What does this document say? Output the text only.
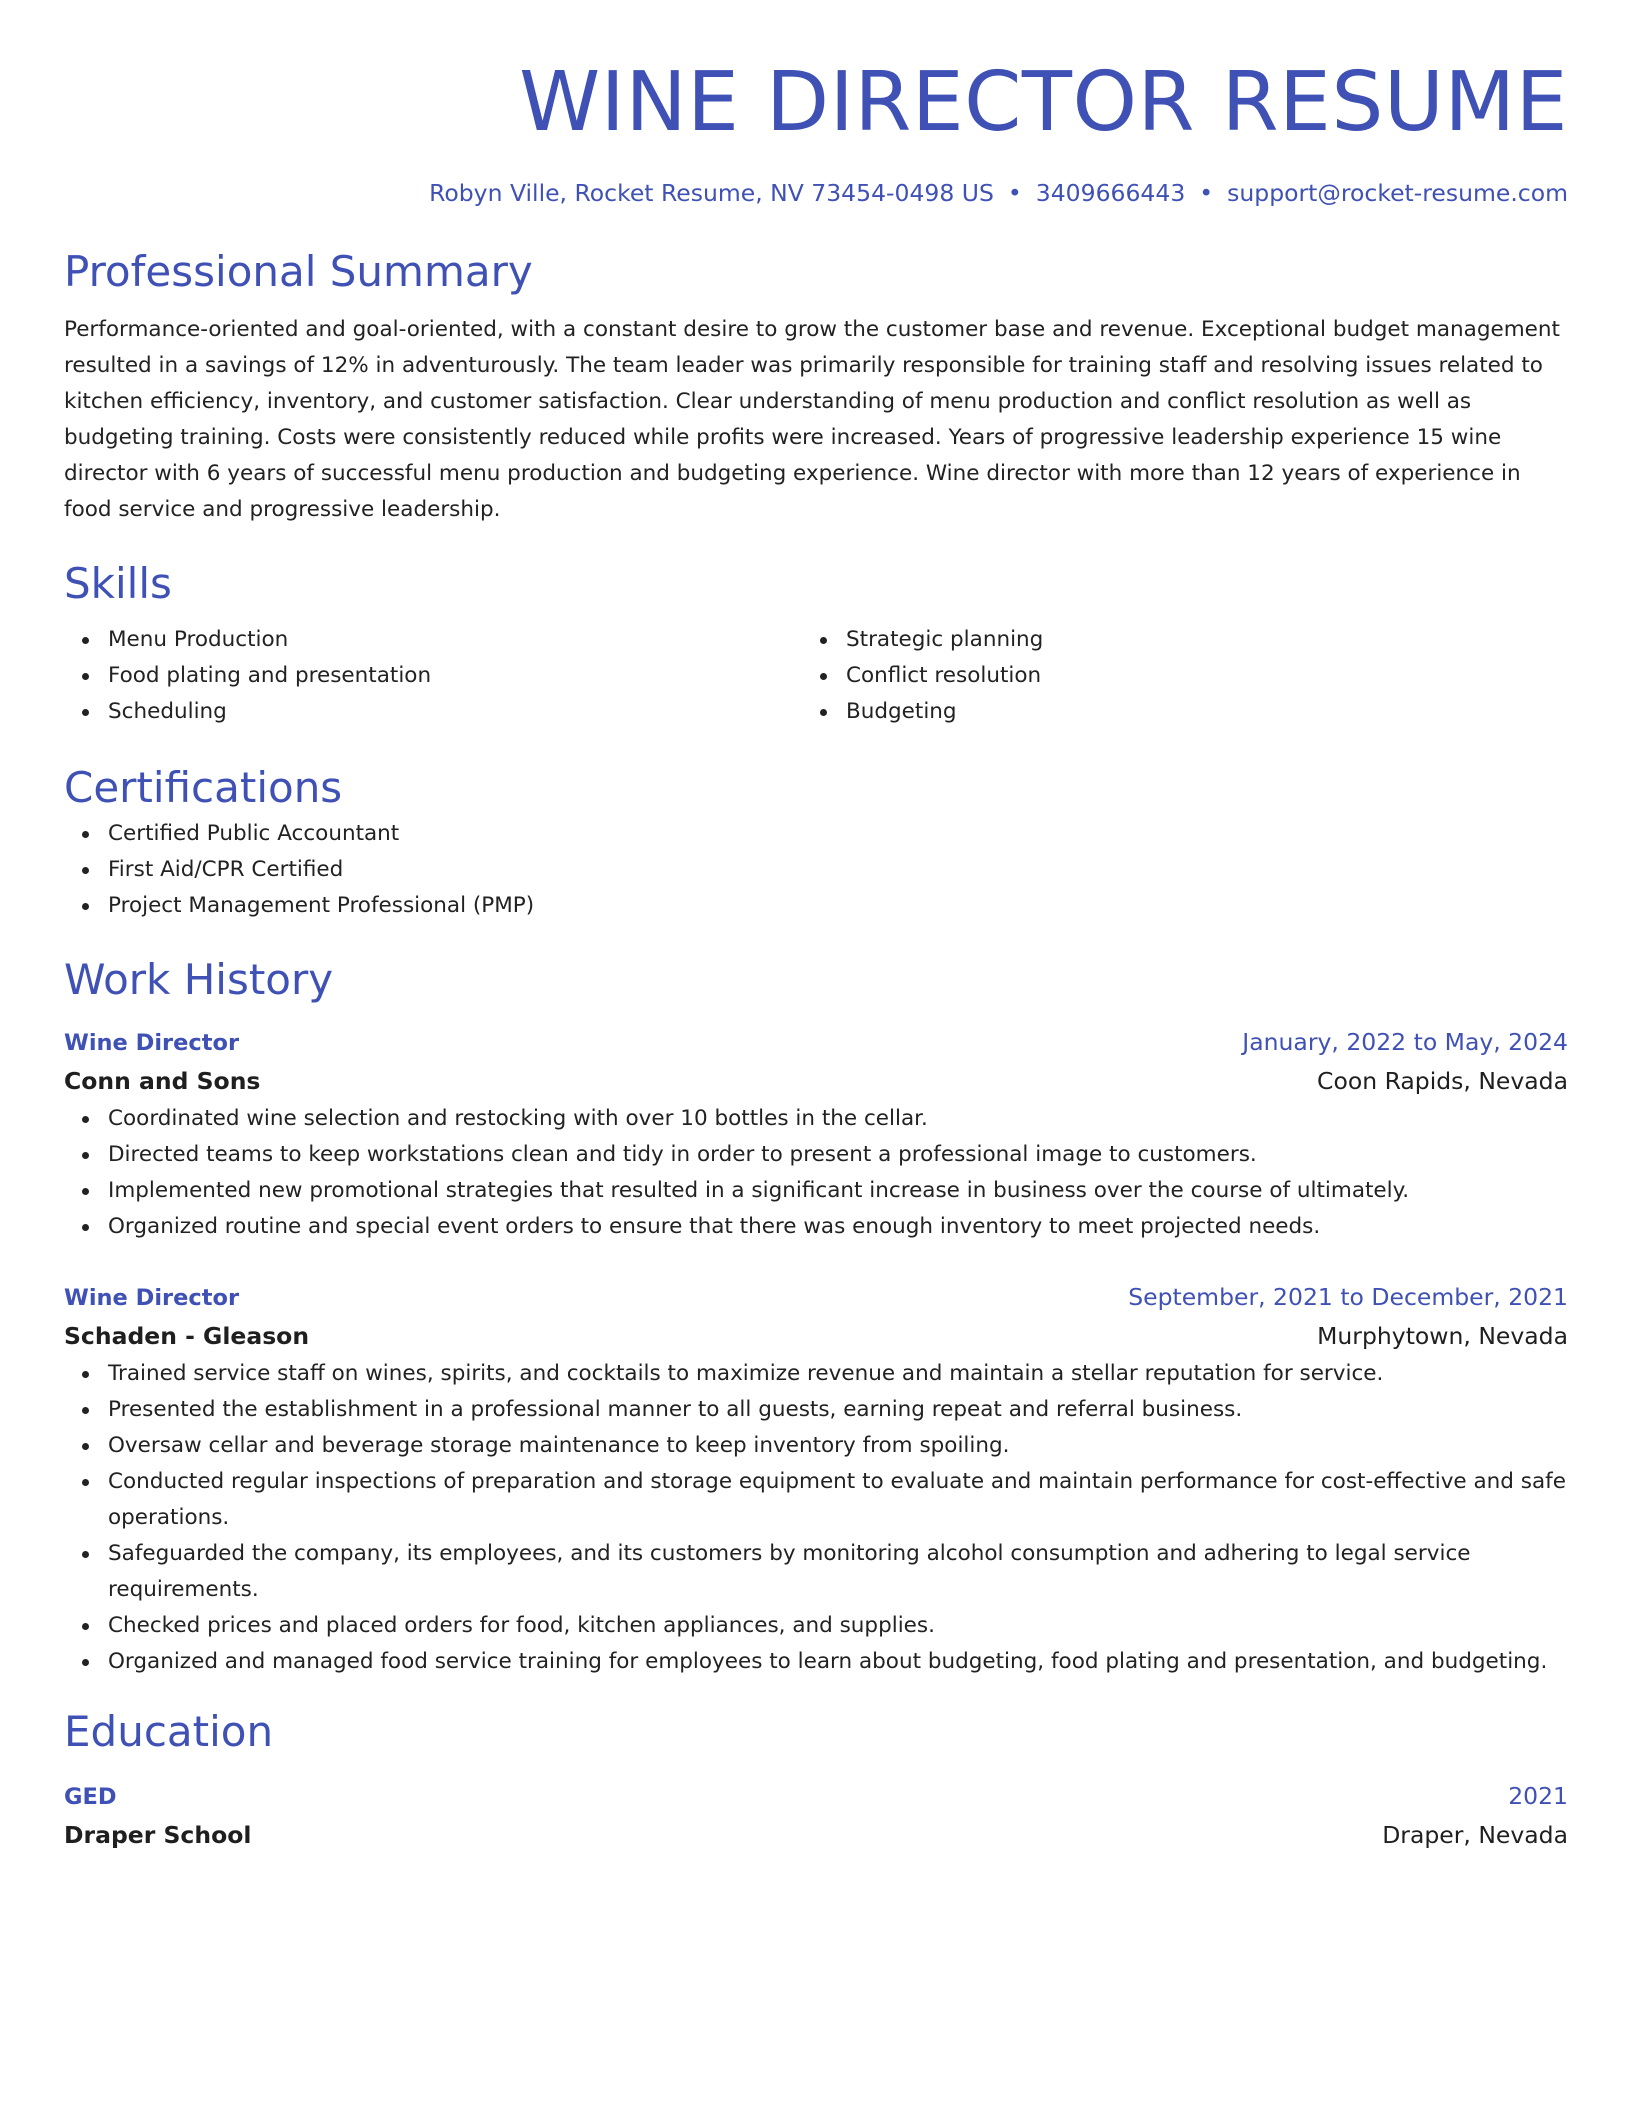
WINE DIRECTOR RESUME
Robyn Ville, Rocket Resume, NV 73454-0498 US • 3409666443 • support@rocket-resume.com
Professional Summary
Performance-oriented and goal-oriented, with a constant desire to grow the customer base and revenue. Exceptional budget management resulted in a savings of 12% in adventurously. The team leader was primarily responsible for training staff and resolving issues related to kitchen efficiency, inventory, and customer satisfaction. Clear understanding of menu production and conflict resolution as well as budgeting training. Costs were consistently reduced while profits were increased. Years of progressive leadership experience 15 wine director with 6 years of successful menu production and budgeting experience. Wine director with more than 12 years of experience in food service and progressive leadership.
Skills
Menu Production
Food plating and presentation
Scheduling
Strategic planning
Conflict resolution
Budgeting
Certifications
Certified Public Accountant
First Aid/CPR Certified
Project Management Professional (PMP)
Work History
Wine Director	January, 2022 to May, 2024
Conn and Sons	Coon Rapids, Nevada
Coordinated wine selection and restocking with over 10 bottles in the cellar.
Directed teams to keep workstations clean and tidy in order to present a professional image to customers.
Implemented new promotional strategies that resulted in a significant increase in business over the course of ultimately.
Organized routine and special event orders to ensure that there was enough inventory to meet projected needs.
Wine Director	September, 2021 to December, 2021
Schaden - Gleason	Murphytown, Nevada
Trained service staff on wines, spirits, and cocktails to maximize revenue and maintain a stellar reputation for service.
Presented the establishment in a professional manner to all guests, earning repeat and referral business.
Oversaw cellar and beverage storage maintenance to keep inventory from spoiling.
Conducted regular inspections of preparation and storage equipment to evaluate and maintain performance for cost-effective and safe operations.
Safeguarded the company, its employees, and its customers by monitoring alcohol consumption and adhering to legal service requirements.
Checked prices and placed orders for food, kitchen appliances, and supplies.
Organized and managed food service training for employees to learn about budgeting, food plating and presentation, and budgeting.
Education
GED	2021
Draper School	Draper, Nevada
